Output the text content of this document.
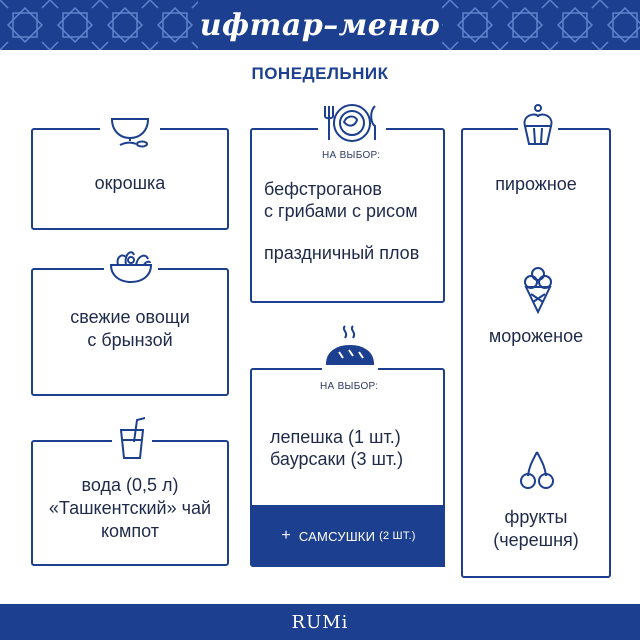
ифтар–меню
ПОНЕДЕЛЬНИК
окрошка
свежие овощи
с брынзой
вода (0,5 л)
«Ташкентский» чай
компот
бефстроганов
с грибами с рисом
праздничный плов
НА ВЫБОР:
лепешка (1 шт.)
баурсаки (3 шт.)
НА ВЫБОР:
+ САМСУШКИ (2 ШТ.)
пирожное
мороженое
фрукты
(черешня)
RUMi
